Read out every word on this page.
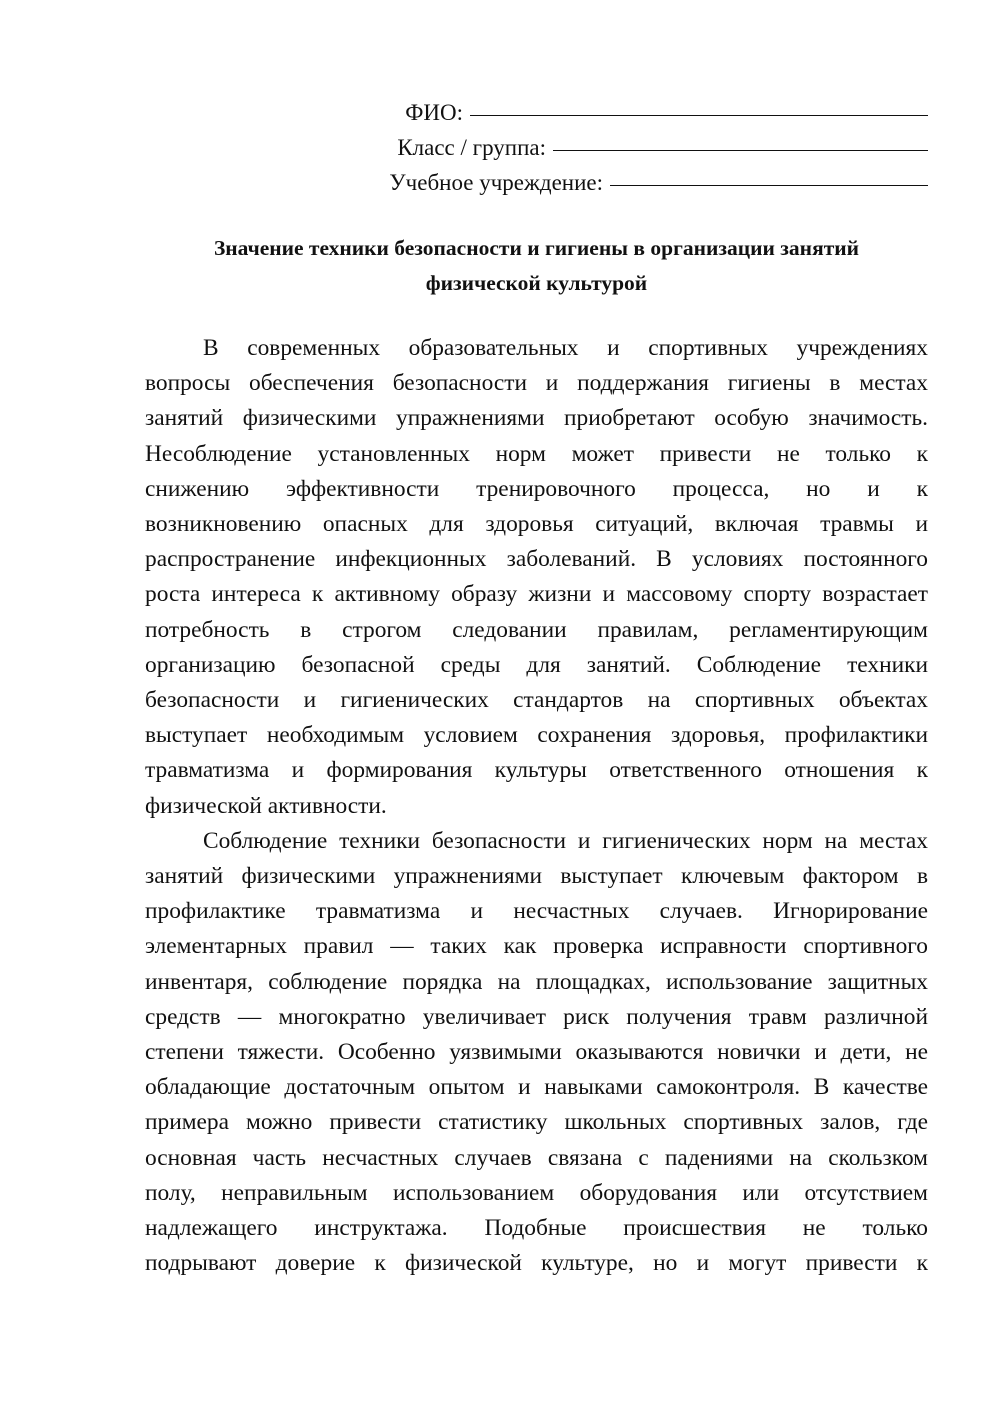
ФИО:
Класс / группа:
Учебное учреждение:
Значение техники безопасности и гигиены в организации занятий
физической культурой
В современных образовательных и спортивных учреждениях
вопросы обеспечения безопасности и поддержания гигиены в местах
занятий физическими упражнениями приобретают особую значимость.
Несоблюдение установленных норм может привести не только к
снижению эффективности тренировочного процесса, но и к
возникновению опасных для здоровья ситуаций, включая травмы и
распространение инфекционных заболеваний. В условиях постоянного
роста интереса к активному образу жизни и массовому спорту возрастает
потребность в строгом следовании правилам, регламентирующим
организацию безопасной среды для занятий. Соблюдение техники
безопасности и гигиенических стандартов на спортивных объектах
выступает необходимым условием сохранения здоровья, профилактики
травматизма и формирования культуры ответственного отношения к
физической активности.
Соблюдение техники безопасности и гигиенических норм на местах
занятий физическими упражнениями выступает ключевым фактором в
профилактике травматизма и несчастных случаев. Игнорирование
элементарных правил — таких как проверка исправности спортивного
инвентаря, соблюдение порядка на площадках, использование защитных
средств — многократно увеличивает риск получения травм различной
степени тяжести. Особенно уязвимыми оказываются новички и дети, не
обладающие достаточным опытом и навыками самоконтроля. В качестве
примера можно привести статистику школьных спортивных залов, где
основная часть несчастных случаев связана с падениями на скользком
полу, неправильным использованием оборудования или отсутствием
надлежащего инструктажа. Подобные происшествия не только
подрывают доверие к физической культуре, но и могут привести к
